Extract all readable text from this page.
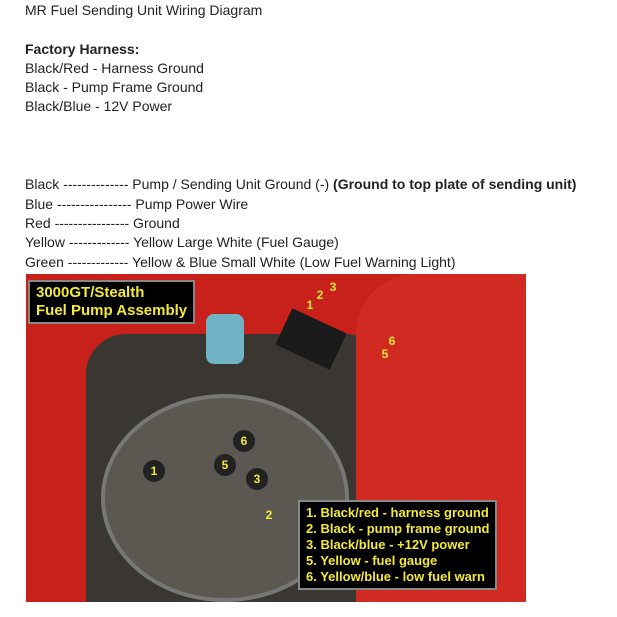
MR Fuel Sending Unit Wiring Diagram
Factory Harness:
Black/Red - Harness Ground
Black - Pump Frame Ground
Black/Blue - 12V Power
Black -------------- Pump / Sending Unit Ground (-) (Ground to top plate of sending unit)
Blue ---------------- Pump Power Wire
Red ---------------- Ground
Yellow ------------- Yellow Large White (Fuel Gauge)
Green ------------- Yellow & Blue Small White (Low Fuel Warning Light)
3000GT/Stealth
Fuel Pump Assembly
1
2
3
5
6
1
2
3
6
5
1. Black/red - harness ground
2. Black - pump frame ground
3. Black/blue - +12V power
5. Yellow - fuel gauge
6. Yellow/blue - low fuel warn
